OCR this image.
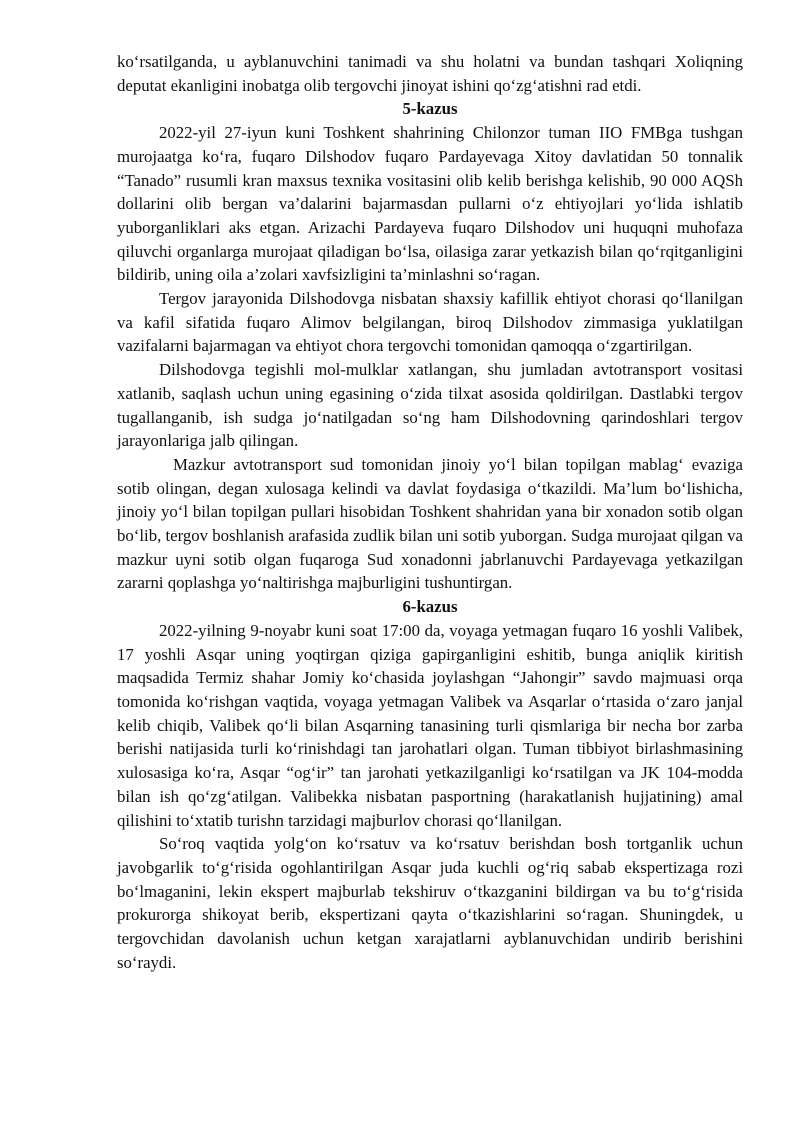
ko‘rsatilganda, u ayblanuvchini tanimadi va shu holatni va bundan tashqari Xoliqning deputat ekanligini inobatga olib tergovchi jinoyat ishini qo‘zg‘atishni rad etdi.

5-kazus

2022-yil 27-iyun kuni Toshkent shahrining Chilonzor tuman IIO FMBga tushgan murojaatga ko‘ra, fuqaro Dilshodov fuqaro Pardayevaga Xitoy davlatidan 50 tonnalik “Tanado” rusumli kran maxsus texnika vositasini olib kelib berishga kelishib, 90 000 AQSh dollarini olib bergan va’dalarini bajarmasdan pullarni o‘z ehtiyojlari yo‘lida ishlatib yuborganliklari aks etgan. Arizachi Pardayeva fuqaro Dilshodov uni huquqni muhofaza qiluvchi organlarga murojaat qiladigan bo‘lsa, oilasiga zarar yetkazish bilan qo‘rqitganligini bildirib, uning oila a’zolari xavfsizligini ta’minlashni so‘ragan.

Tergov jarayonida Dilshodovga nisbatan shaxsiy kafillik ehtiyot chorasi qo‘llanilgan va kafil sifatida fuqaro Alimov belgilangan, biroq Dilshodov zimmasiga yuklatilgan vazifalarni bajarmagan va ehtiyot chora tergovchi tomonidan qamoqqa o‘zgartirilgan.

Dilshodovga tegishli mol-mulklar xatlangan, shu jumladan avtotransport vositasi xatlanib, saqlash uchun uning egasining o‘zida tilxat asosida qoldirilgan. Dastlabki tergov tugallanganib, ish sudga jo‘natilgadan so‘ng ham Dilshodovning qarindoshlari tergov jarayonlariga jalb qilingan.

Mazkur avtotransport sud tomonidan jinoiy yo‘l bilan topilgan mablag‘ evaziga sotib olingan, degan xulosaga kelindi va davlat foydasiga o‘tkazildi. Ma’lum bo‘lishicha, jinoiy yo‘l bilan topilgan pullari hisobidan Toshkent shahridan yana bir xonadon sotib olgan bo‘lib, tergov boshlanish arafasida zudlik bilan uni sotib yuborgan. Sudga murojaat qilgan va mazkur uyni sotib olgan fuqaroga Sud xonadonni jabrlanuvchi Pardayevaga yetkazilgan zararni qoplashga yo‘naltirishga majburligini tushuntirgan.

6-kazus

2022-yilning 9-noyabr kuni soat 17:00 da, voyaga yetmagan fuqaro 16 yoshli Valibek, 17 yoshli Asqar uning yoqtirgan qiziga gapirganligini eshitib, bunga aniqlik kiritish maqsadida Termiz shahar Jomiy ko‘chasida joylashgan “Jahongir” savdo majmuasi orqa tomonida ko‘rishgan vaqtida, voyaga yetmagan Valibek va Asqarlar o‘rtasida o‘zaro janjal kelib chiqib, Valibek qo‘li bilan Asqarning tanasining turli qismlariga bir necha bor zarba berishi natijasida turli ko‘rinishdagi tan jarohatlari olgan. Tuman tibbiyot birlashmasining xulosasiga ko‘ra, Asqar “og‘ir” tan jarohati yetkazilganligi ko‘rsatilgan va JK 104-modda bilan ish qo‘zg‘atilgan. Valibekka nisbatan pasportning (harakatlanish hujjatining) amal qilishini to‘xtatib turishn tarzidagi majburlov chorasi qo‘llanilgan.

So‘roq vaqtida yolg‘on ko‘rsatuv va ko‘rsatuv berishdan bosh tortganlik uchun javobgarlik to‘g‘risida ogohlantirilgan Asqar juda kuchli og‘riq sabab ekspertizaga rozi bo‘lmaganini, lekin ekspert majburlab tekshiruv o‘tkazganini bildirgan va bu to‘g‘risida prokurorga shikoyat berib, ekspertizani qayta o‘tkazishlarini so‘ragan. Shuningdek, u tergovchidan davolanish uchun ketgan xarajatlarni ayblanuvchidan undirib berishini so‘raydi.
